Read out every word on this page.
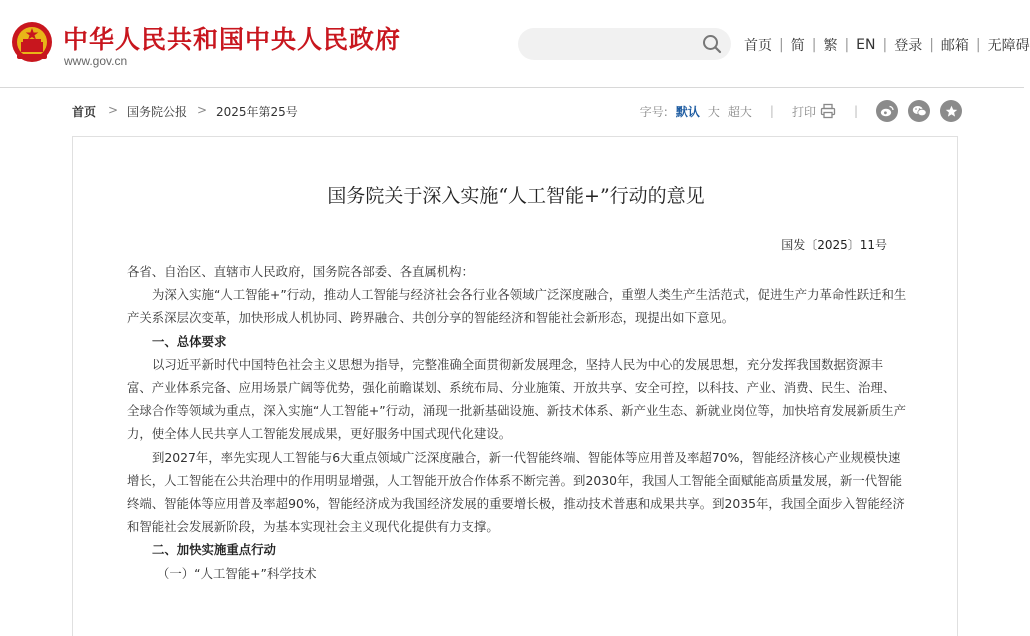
中华人民共和国中央人民政府
www.gov.cn
首页 | 简 | 繁 | EN | 登录 | 邮箱 | 无障碍
首页 > 国务院公报 > 2025年第25号	字号: 默认 大 超大 | 打印	|
国务院关于深入实施“人工智能+”行动的意见
国发〔2025〕11号

各省、自治区、直辖市人民政府，国务院各部委、各直属机构：

为深入实施“人工智能+”行动，推动人工智能与经济社会各行业各领域广泛深度融合，重塑人类生产生活范式，促进生产力革命性跃迁和生产关系深层次变革，加快形成人机协同、跨界融合、共创分享的智能经济和智能社会新形态，现提出如下意见。

一、总体要求

以习近平新时代中国特色社会主义思想为指导，完整准确全面贯彻新发展理念，坚持人民为中心的发展思想，充分发挥我国数据资源丰富、产业体系完备、应用场景广阔等优势，强化前瞻谋划、系统布局、分业施策、开放共享、安全可控，以科技、产业、消费、民生、治理、全球合作等领域为重点，深入实施“人工智能+”行动，涌现一批新基础设施、新技术体系、新产业生态、新就业岗位等，加快培育发展新质生产力，使全体人民共享人工智能发展成果，更好服务中国式现代化建设。

到2027年，率先实现人工智能与6大重点领域广泛深度融合，新一代智能终端、智能体等应用普及率超70%，智能经济核心产业规模快速增长，人工智能在公共治理中的作用明显增强，人工智能开放合作体系不断完善。到2030年，我国人工智能全面赋能高质量发展，新一代智能终端、智能体等应用普及率超90%，智能经济成为我国经济发展的重要增长极，推动技术普惠和成果共享。到2035年，我国全面步入智能经济和智能社会发展新阶段，为基本实现社会主义现代化提供有力支撑。

二、加快实施重点行动

（一）“人工智能+”科学技术
